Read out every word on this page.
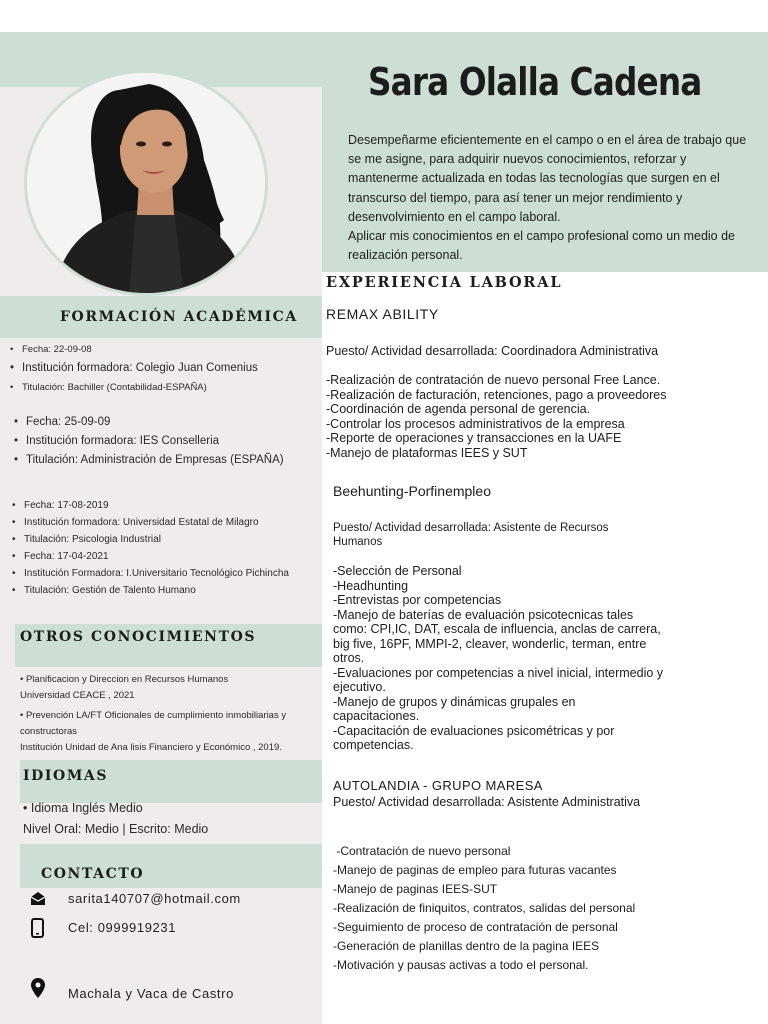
Sara Olalla Cadena
Desempeñarme eficientemente en el campo o en el área de trabajo que se me asigne, para adquirir nuevos conocimientos, reforzar y mantenerme actualizada en todas las tecnologías que surgen en el transcurso del tiempo, para así tener un mejor rendimiento y desenvolvimiento en el campo laboral.
Aplicar mis conocimientos en el campo profesional como un medio de realización personal.
FORMACIÓN ACADÉMICA
• Fecha: 22-09-08
• Institución formadora: Colegio Juan Comenius
• Titulación: Bachiller (Contabilidad-ESPAÑA)
• Fecha: 25-09-09
• Institución formadora: IES Conselleria
• Titulación: Administración de Empresas (ESPAÑA)
• Fecha: 17-08-2019
• Institución formadora: Universidad Estatal de Milagro
• Titulación: Psicologia Industrial
• Fecha: 17-04-2021
• Institución Formadora: I.Universitario Tecnológico Pichincha
• Titulación: Gestión de Talento Humano
OTROS CONOCIMIENTOS
• Planificacion y Direccion en Recursos Humanos
Universidad CEACE , 2021
• Prevención LA/FT Oficionales de cumplimiento inmobiliarias y
constructoras
Institución Unidad de Ana lisis Financiero y Económico , 2019.
IDIOMAS
• Idioma Inglés Medio
Nivel Oral: Medio | Escrito: Medio
CONTACTO
sarita140707@hotmail.com
Cel: 0999919231
Machala y Vaca de Castro
EXPERIENCIA LABORAL
REMAX ABILITY
Puesto/ Actividad desarrollada: Coordinadora Administrativa
-Realización de contratación de nuevo personal Free Lance.
-Realización de facturación, retenciones, pago a proveedores
-Coordinación de agenda personal de gerencia.
-Controlar los procesos administrativos de la empresa
-Reporte de operaciones y transacciones en la UAFE
-Manejo de plataformas IEES y SUT
Beehunting-Porfinempleo
Puesto/ Actividad desarrollada: Asistente de Recursos
Humanos
-Selección de Personal
-Headhunting
-Entrevistas por competencias
-Manejo de baterías de evaluación psicotecnicas tales
como: CPI,IC, DAT, escala de influencia, anclas de carrera,
big five, 16PF, MMPI-2, cleaver, wonderlic, terman, entre
otros.
-Evaluaciones por competencias a nivel inicial, intermedio y
ejecutivo.
-Manejo de grupos y dinámicas grupales en
capacitaciones.
-Capacitación de evaluaciones psicométricas y por
competencias.
AUTOLANDIA - GRUPO MARESA
Puesto/ Actividad desarrollada: Asistente Administrativa
-Contratación de nuevo personal
-Manejo de paginas de empleo para futuras vacantes
-Manejo de paginas IEES-SUT
-Realización de finiquitos, contratos, salidas del personal
-Seguimiento de proceso de contratación de personal
-Generación de planillas dentro de la pagina IEES
-Motivación y pausas activas a todo el personal.
